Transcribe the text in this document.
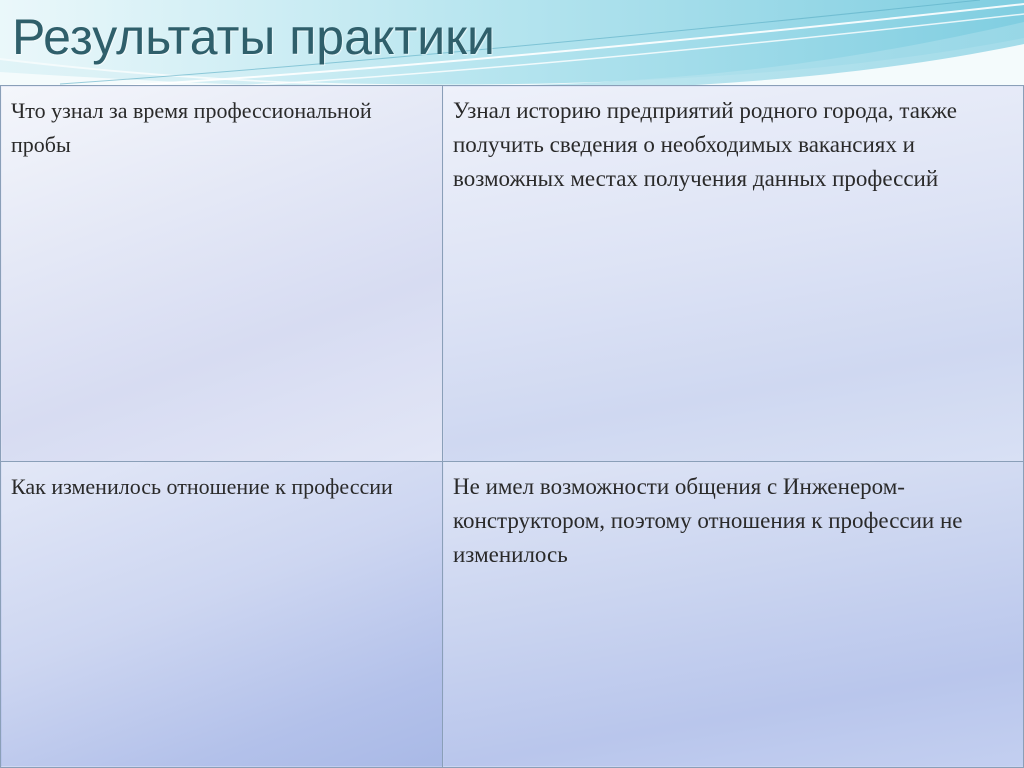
Результаты практики
Что узнал за время профессиональной пробы	Узнал историю предприятий родного города, также получить сведения о необходимых вакансиях и возможных местах получения данных профессий
Как изменилось отношение к профессии	Не имел возможности общения с Инженером-конструктором, поэтому отношения к профессии не изменилось
